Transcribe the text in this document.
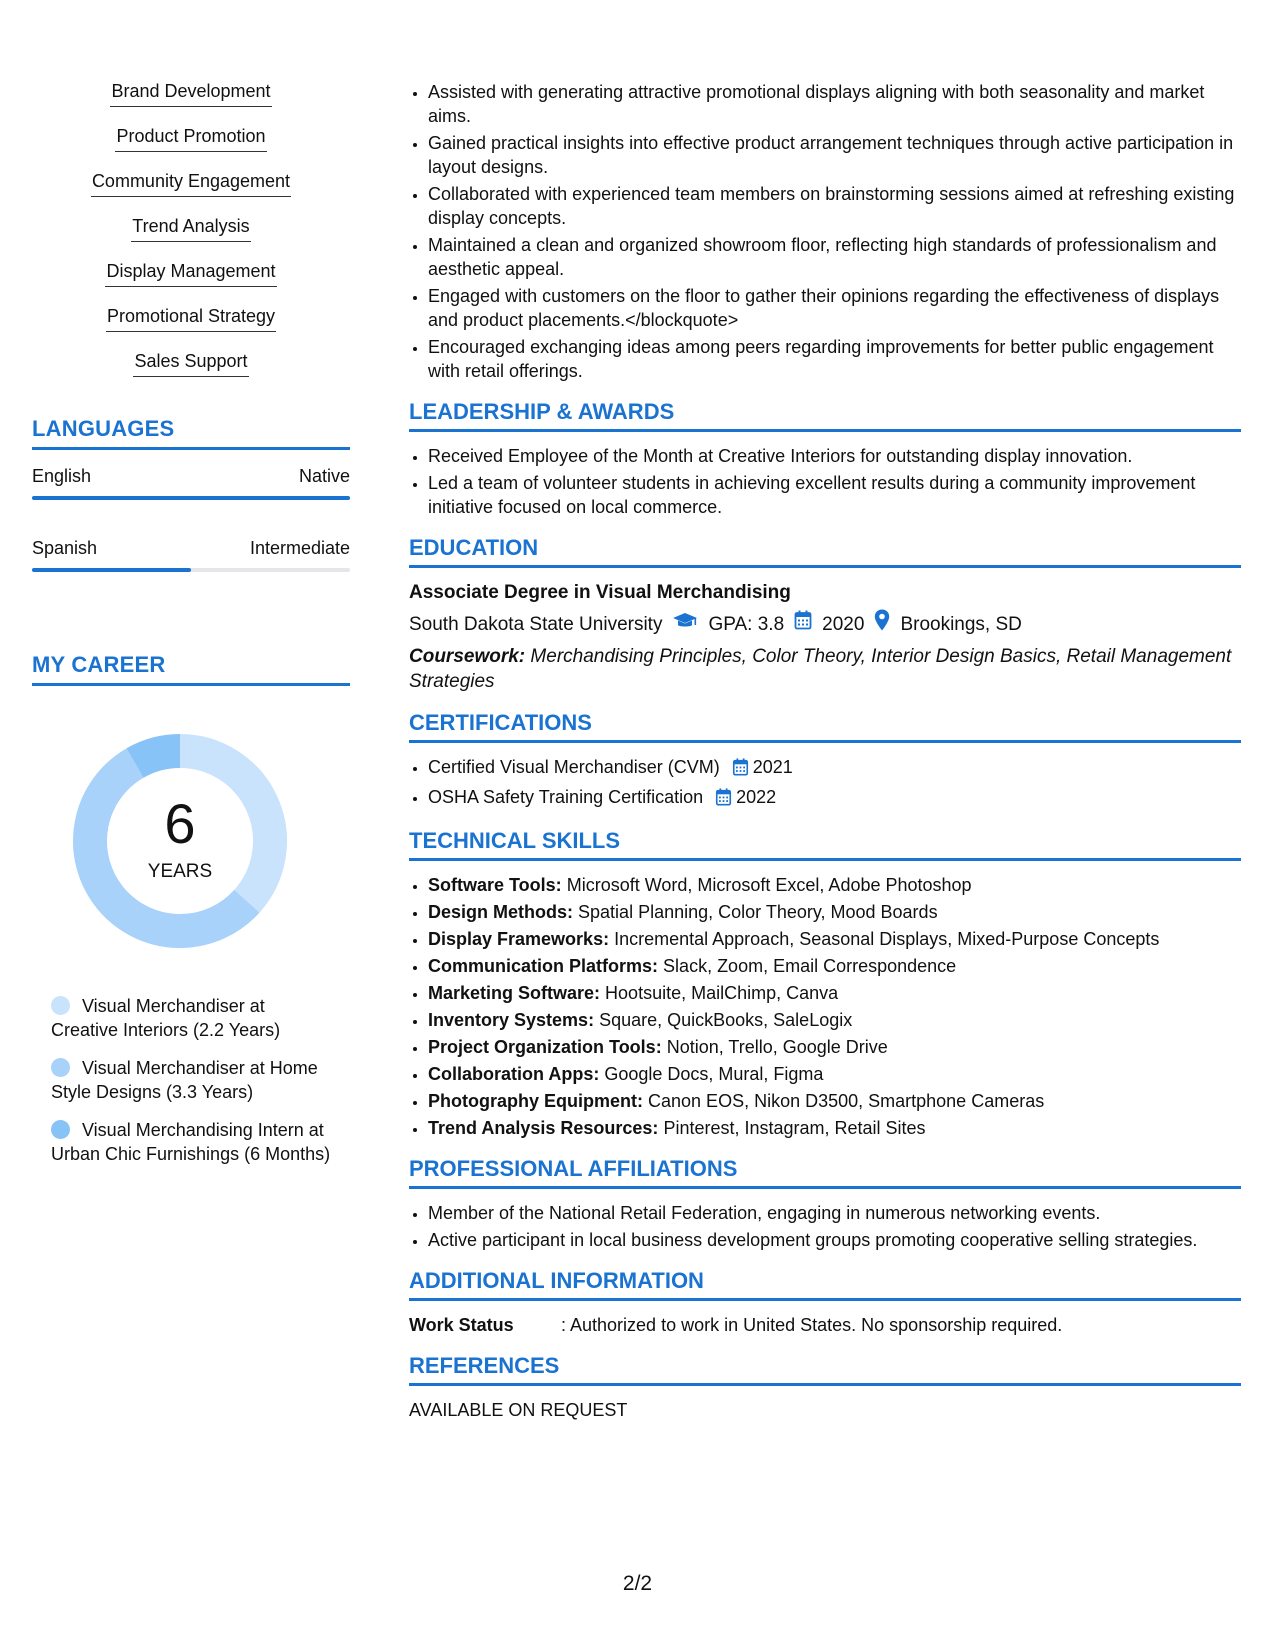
Brand Development
Product Promotion
Community Engagement
Trend Analysis
Display Management
Promotional Strategy
Sales Support
LANGUAGES
English	Native
Spanish	Intermediate
MY CAREER
6
YEARS
Visual Merchandiser at Creative Interiors (2.2 Years)
Visual Merchandiser at Home Style Designs (3.3 Years)
Visual Merchandising Intern at Urban Chic Furnishings (6 Months)
• Assisted with generating attractive promotional displays aligning with both seasonality and market aims.
• Gained practical insights into effective product arrangement techniques through active participation in layout designs.
• Collaborated with experienced team members on brainstorming sessions aimed at refreshing existing display concepts.
• Maintained a clean and organized showroom floor, reflecting high standards of professionalism and aesthetic appeal.
• Engaged with customers on the floor to gather their opinions regarding the effectiveness of displays and product placements.</blockquote>
• Encouraged exchanging ideas among peers regarding improvements for better public engagement with retail offerings.
LEADERSHIP & AWARDS
• Received Employee of the Month at Creative Interiors for outstanding display innovation.
• Led a team of volunteer students in achieving excellent results during a community improvement initiative focused on local commerce.
EDUCATION
Associate Degree in Visual Merchandising
South Dakota State University GPA: 3.8 2020 Brookings, SD
Coursework: Merchandising Principles, Color Theory, Interior Design Basics, Retail Management Strategies
CERTIFICATIONS
• Certified Visual Merchandiser (CVM) 2021
• OSHA Safety Training Certification 2022
TECHNICAL SKILLS
• Software Tools: Microsoft Word, Microsoft Excel, Adobe Photoshop
• Design Methods: Spatial Planning, Color Theory, Mood Boards
• Display Frameworks: Incremental Approach, Seasonal Displays, Mixed-Purpose Concepts
• Communication Platforms: Slack, Zoom, Email Correspondence
• Marketing Software: Hootsuite, MailChimp, Canva
• Inventory Systems: Square, QuickBooks, SaleLogix
• Project Organization Tools: Notion, Trello, Google Drive
• Collaboration Apps: Google Docs, Mural, Figma
• Photography Equipment: Canon EOS, Nikon D3500, Smartphone Cameras
• Trend Analysis Resources: Pinterest, Instagram, Retail Sites
PROFESSIONAL AFFILIATIONS
• Member of the National Retail Federation, engaging in numerous networking events.
• Active participant in local business development groups promoting cooperative selling strategies.
ADDITIONAL INFORMATION
Work Status	: Authorized to work in United States. No sponsorship required.
REFERENCES
AVAILABLE ON REQUEST
2/2
